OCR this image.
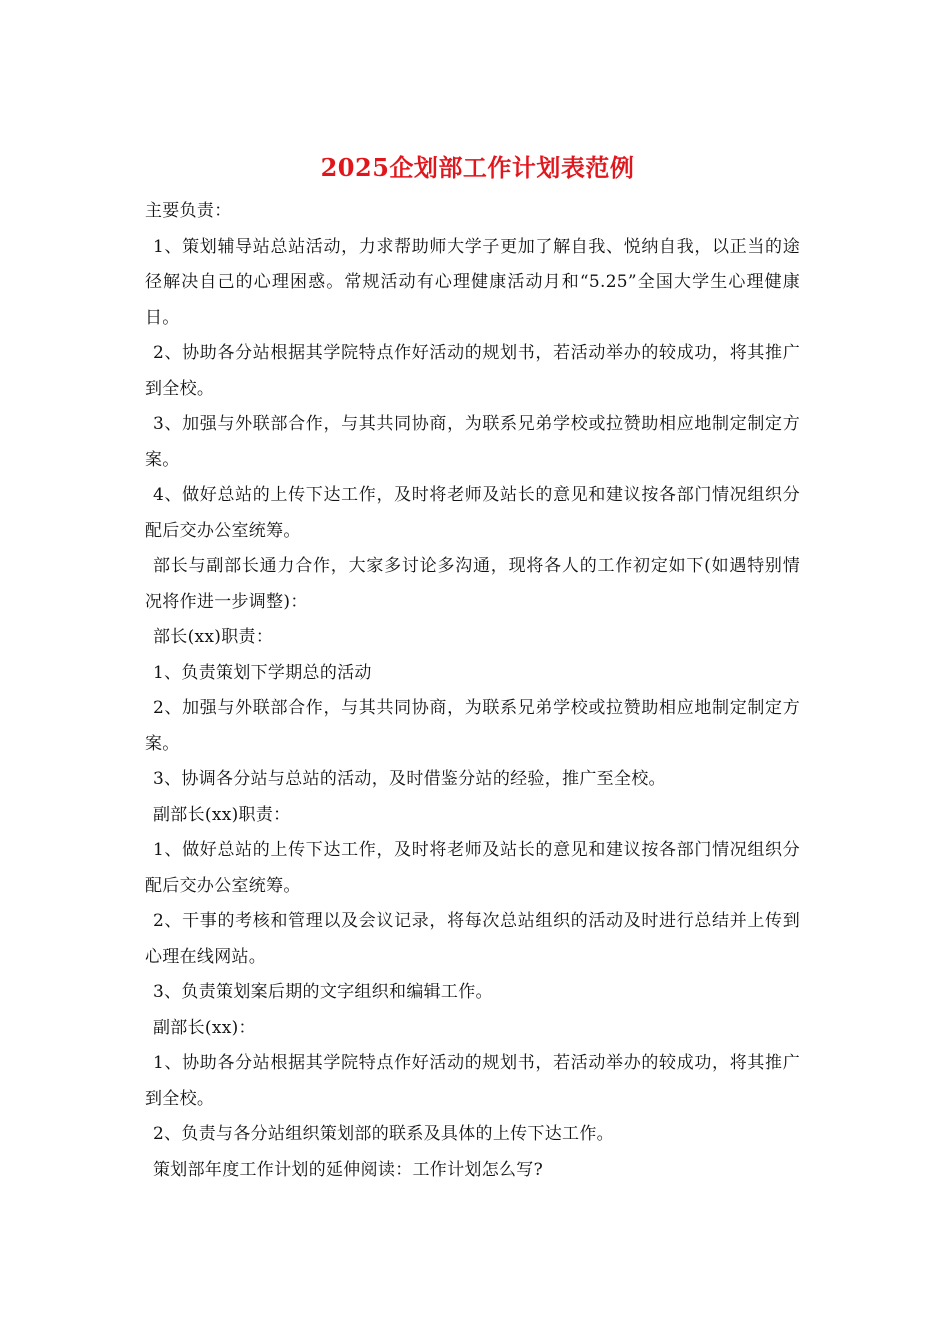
2025企划部工作计划表范例

主要负责：

1、策划辅导站总站活动，力求帮助师大学子更加了解自我、悦纳自我，以正当的途径解决自己的心理困惑。常规活动有心理健康活动月和“5.25”全国大学生心理健康日。

2、协助各分站根据其学院特点作好活动的规划书，若活动举办的较成功，将其推广到全校。

3、加强与外联部合作，与其共同协商，为联系兄弟学校或拉赞助相应地制定制定方案。

4、做好总站的上传下达工作，及时将老师及站长的意见和建议按各部门情况组织分配后交办公室统筹。

部长与副部长通力合作，大家多讨论多沟通，现将各人的工作初定如下(如遇特别情况将作进一步调整)：

部长(xx)职责：

1、负责策划下学期总的活动

2、加强与外联部合作，与其共同协商，为联系兄弟学校或拉赞助相应地制定制定方案。

3、协调各分站与总站的活动，及时借鉴分站的经验，推广至全校。

副部长(xx)职责：

1、做好总站的上传下达工作，及时将老师及站长的意见和建议按各部门情况组织分配后交办公室统筹。

2、干事的考核和管理以及会议记录，将每次总站组织的活动及时进行总结并上传到心理在线网站。

3、负责策划案后期的文字组织和编辑工作。

副部长(xx)：

1、协助各分站根据其学院特点作好活动的规划书，若活动举办的较成功，将其推广到全校。

2、负责与各分站组织策划部的联系及具体的上传下达工作。

策划部年度工作计划的延伸阅读：工作计划怎么写?
